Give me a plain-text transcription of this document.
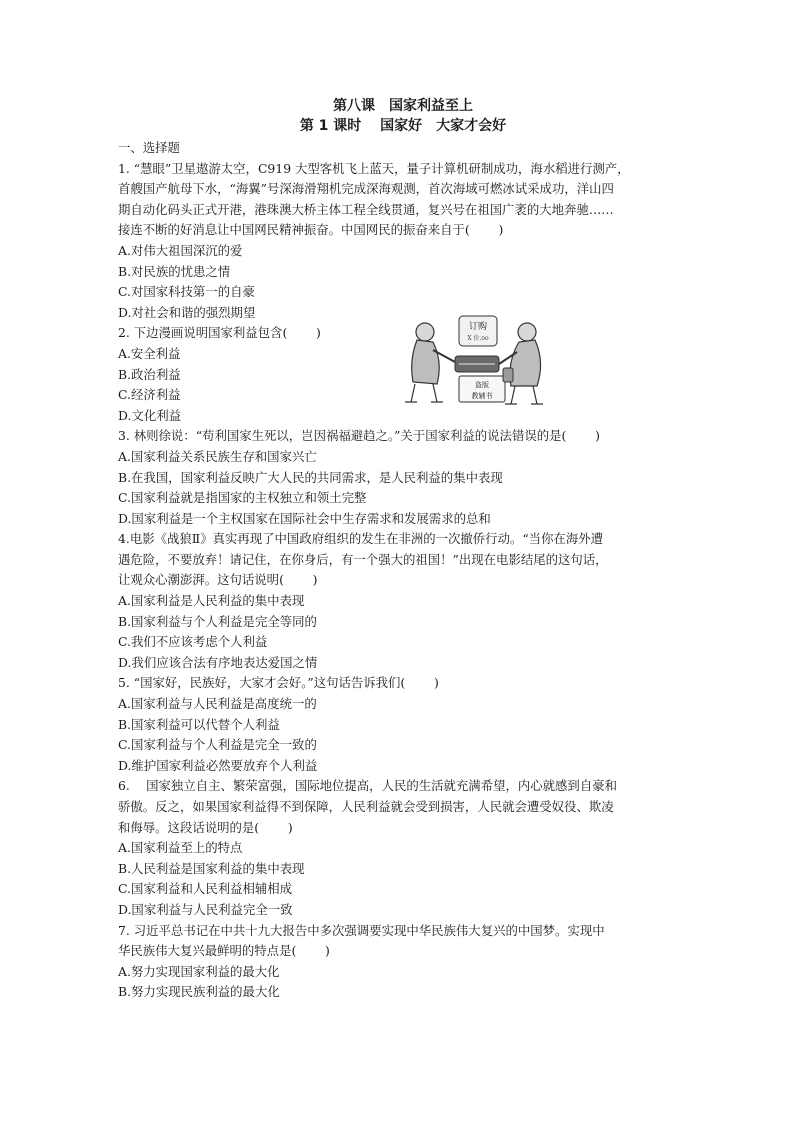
第八课　国家利益至上
第 1 课时　 国家好　大家才会好
一、选择题
1. “慧眼”卫星遨游太空，C919 大型客机飞上蓝天，量子计算机研制成功，海水稻进行测产，
首艘国产航母下水，“海翼”号深海滑翔机完成深海观测，首次海域可燃冰试采成功，洋山四
期自动化码头正式开港，港珠澳大桥主体工程全线贯通，复兴号在祖国广袤的大地奔驰……
接连不断的好消息让中国网民精神振奋。中国网民的振奋来自于(　　 )
A.对伟大祖国深沉的爱
B.对民族的忧患之情
C.对国家科技第一的自豪
D.对社会和谐的强烈期望
2. 下边漫画说明国家利益包含(　　 )
A.安全利益
B.政治利益
C.经济利益
D.文化利益
3. 林则徐说：“苟利国家生死以，岂因祸福避趋之。”关于国家利益的说法错误的是(　　 )
A.国家利益关系民族生存和国家兴亡
B.在我国，国家利益反映广大人民的共同需求，是人民利益的集中表现
C.国家利益就是指国家的主权独立和领土完整
D.国家利益是一个主权国家在国际社会中生存需求和发展需求的总和
4.电影《战狼Ⅱ》真实再现了中国政府组织的发生在非洲的一次撤侨行动。“当你在海外遭
遇危险，不要放弃！请记住，在你身后，有一个强大的祖国！”出现在电影结尾的这句话，
让观众心潮澎湃。这句话说明(　　 )
A.国家利益是人民利益的集中表现
B.国家利益与个人利益是完全等同的
C.我们不应该考虑个人利益
D.我们应该合法有序地表达爱国之情
5. “国家好，民族好，大家才会好。”这句话告诉我们(　　 )
A.国家利益与人民利益是高度统一的
B.国家利益可以代替个人利益
C.国家利益与个人利益是完全一致的
D.维护国家利益必然要放弃个人利益
6.　 国家独立自主、繁荣富强，国际地位提高，人民的生活就充满希望，内心就感到自豪和
骄傲。反之，如果国家利益得不到保障，人民利益就会受到损害，人民就会遭受奴役、欺凌
和侮辱。这段话说明的是(　　 )
A.国家利益至上的特点
B.人民利益是国家利益的集中表现
C.国家利益和人民利益相辅相成
D.国家利益与人民利益完全一致
7. 习近平总书记在中共十九大报告中多次强调要实现中华民族伟大复兴的中国梦。实现中
华民族伟大复兴最鲜明的特点是(　　 )
A.努力实现国家利益的最大化
B.努力实现民族利益的最大化
订购
X 价.oo
盗版
教辅书
